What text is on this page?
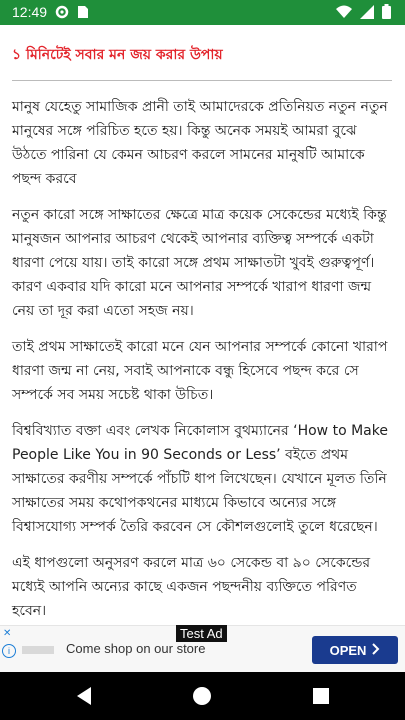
12:49
১ মিনিটেই সবার মন জয় করার উপায়

মানুষ যেহেতু সামাজিক প্রানী তাই আমাদেরকে প্রতিনিয়ত নতুন নতুন মানুষের সঙ্গে পরিচিত হতে হয়। কিন্তু অনেক সময়ই আমরা বুঝে উঠতে পারিনা যে কেমন আচরণ করলে সামনের মানুষটি আমাকে পছন্দ করবে

নতুন কারো সঙ্গে সাক্ষাতের ক্ষেত্রে মাত্র কয়েক সেকেন্ডের মধ্যেই কিন্তু মানুষজন আপনার আচরণ থেকেই আপনার ব্যক্তিত্ব সম্পর্কে একটা ধারণা পেয়ে যায়। তাই কারো সঙ্গে প্রথম সাক্ষাতটা খুবই গুরুত্বপূর্ণ। কারণ একবার যদি কারো মনে আপনার সম্পর্কে খারাপ ধারণা জন্ম নেয় তা দূর করা এতো সহজ নয়।

তাই প্রথম সাক্ষাতেই কারো মনে যেন আপনার সম্পর্কে কোনো খারাপ ধারণা জন্ম না নেয়, সবাই আপনাকে বন্ধু হিসেবে পছন্দ করে সে সম্পর্কে সব সময় সচেষ্ট থাকা উচিত।

বিশ্ববিখ্যাত বক্তা এবং লেখক নিকোলাস বুথম্যানের ‘How to Make People Like You in 90 Seconds or Less’ বইতে প্রথম সাক্ষাতের করণীয় সম্পর্কে পাঁচটি ধাপ লিখেছেন। যেখানে মূলত তিনি সাক্ষাতের সময় কথোপকথনের মাধ্যমে কিভাবে অন্যের সঙ্গে বিশ্বাসযোগ্য সম্পর্ক তৈরি করবেন সে কৌশলগুলোই তুলে ধরেছেন।

এই ধাপগুলো অনুসরণ করলে মাত্র ৬০ সেকেন্ড বা ৯০ সেকেন্ডের মধ্যেই আপনি অন্যের কাছে একজন পছন্দনীয় ব্যক্তিতে পরিণত হবেন।

✕
i
Test Ad
Come shop on our store	OPEN
